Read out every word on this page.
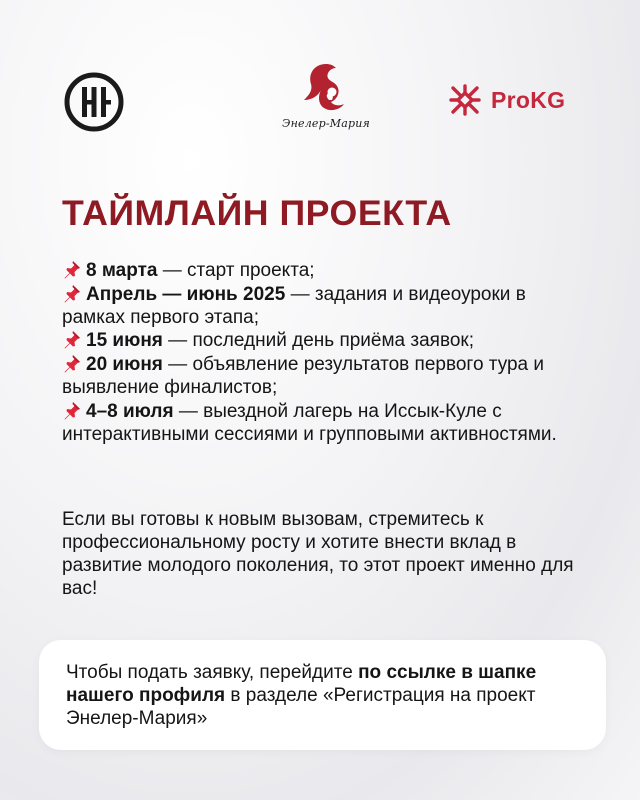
Энелер-Мария
ProKG
ТАЙМЛАЙН ПРОЕКТА
8 марта — старт проекта;
Апрель — июнь 2025 — задания и видеоуроки в рамках первого этапа;
15 июня — последний день приёма заявок;
20 июня — объявление результатов первого тура и выявление финалистов;
4–8 июля — выездной лагерь на Иссык-Куле с интерактивными сессиями и групповыми активностями.

Если вы готовы к новым вызовам, стремитесь к профессиональному росту и хотите внести вклад в развитие молодого поколения, то этот проект именно для вас!

Чтобы подать заявку, перейдите по ссылке в шапке нашего профиля в разделе «Регистрация на проект Энелер-Мария»
